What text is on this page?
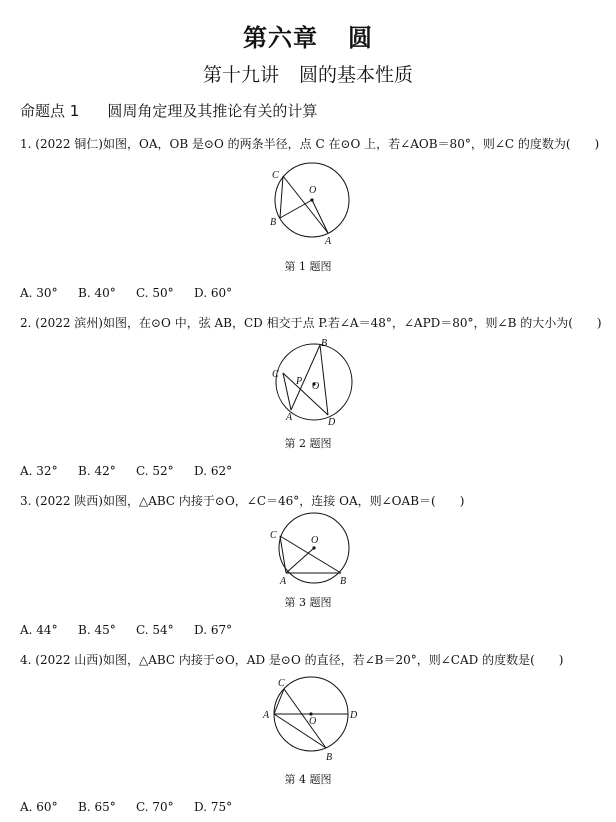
第六章 圆
第十九讲 圆的基本性质
命题点 1 圆周角定理及其推论有关的计算
1. (2022 铜仁)如图，OA，OB 是⊙O 的两条半径，点 C 在⊙O 上，若∠AOB＝80°，则∠C 的度数为(　　)
C
O
B
A
第 1 题图
A. 30° B. 40° C. 50° D. 60°
2. (2022 滨州)如图，在⊙O 中，弦 AB，CD 相交于点 P.若∠A＝48°，∠APD＝80°，则∠B 的大小为(　　)
B
C
P O
A	D
第 2 题图
A. 32° B. 42° C. 52° D. 62°
3. (2022 陕西)如图，△ABC 内接于⊙O，∠C＝46°，连接 OA，则∠OAB＝(　　)
C	O
A	B
第 3 题图
A. 44° B. 45° C. 54° D. 67°
4. (2022 山西)如图，△ABC 内接于⊙O，AD 是⊙O 的直径，若∠B＝20°，则∠CAD 的度数是(　　)
C
A
O
D
B
第 4 题图
A. 60° B. 65° C. 70° D. 75°
